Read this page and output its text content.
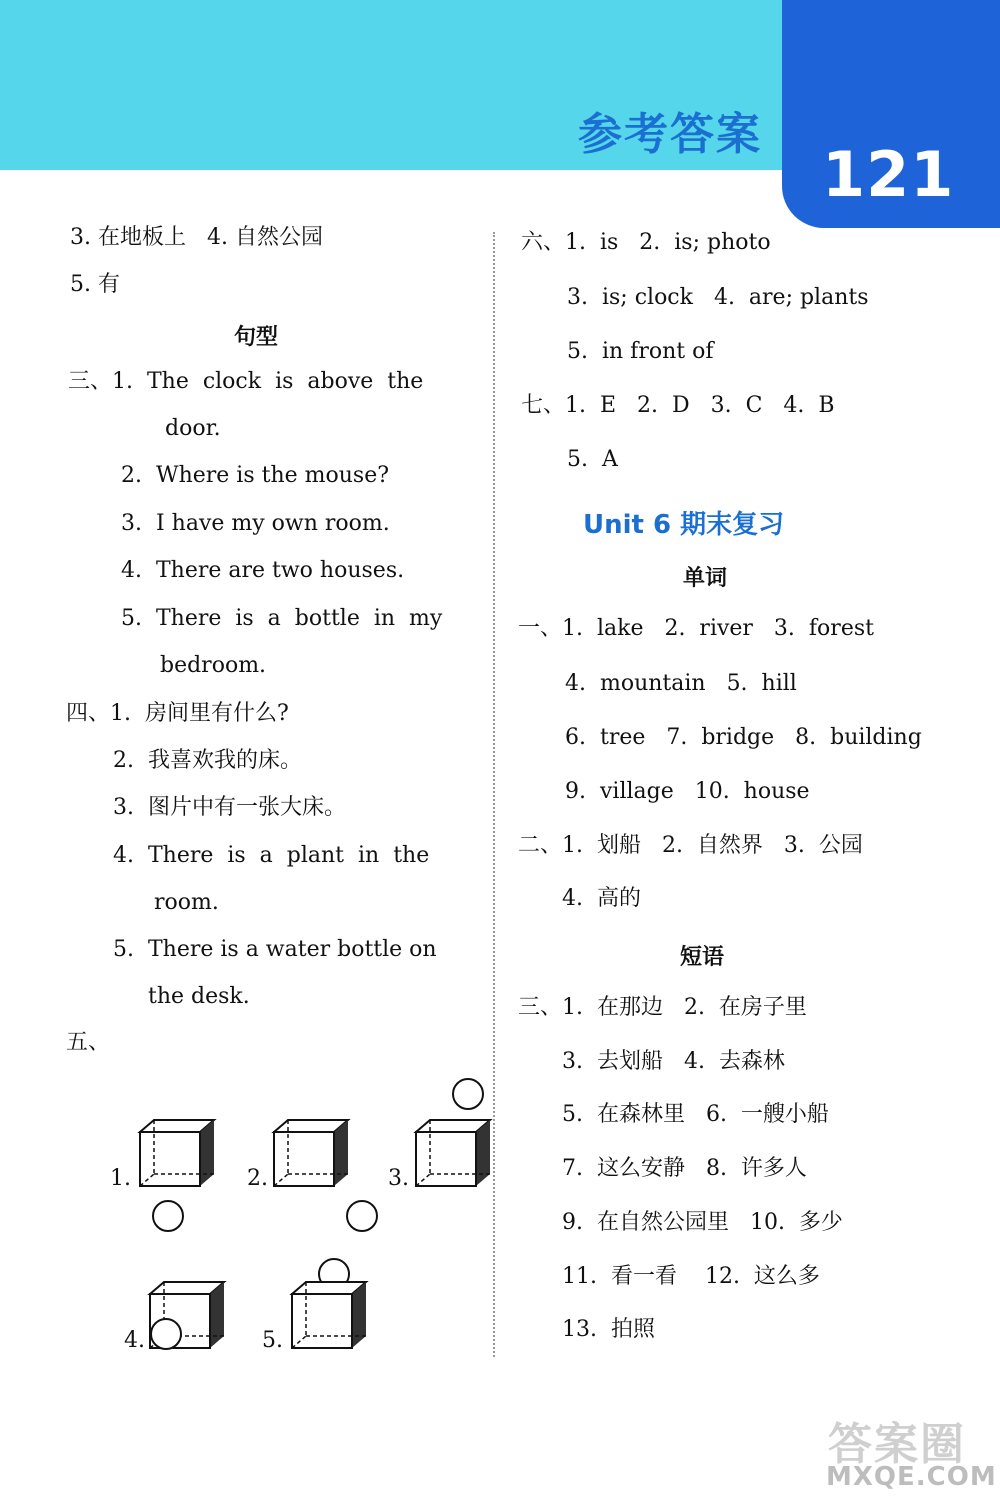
参考答案
121
3. 在地板上   4. 自然公园
5. 有
句型
三、1.  The  clock  is  above  the
door.
2.  Where is the mouse?
3.  I have my own room.
4.  There are two houses.
5.  There  is  a  bottle  in  my
bedroom.
四、1.  房间里有什么?
2.  我喜欢我的床。
3.  图片中有一张大床。
4.  There  is  a  plant  in  the
room.
5.  There is a water bottle on
the desk.
五、
1.	2.	3.
4.	5.
六、1.  is   2.  is; photo
3.  is; clock   4.  are; plants
5.  in front of
七、1.  E   2.  D   3.  C   4.  B
5.  A
Unit 6 期末复习
单词
一、1.  lake   2.  river   3.  forest
4.  mountain   5.  hill
6.  tree   7.  bridge   8.  building
9.  village   10.  house
二、1.  划船   2.  自然界   3.  公园
4.  高的
短语
三、1.  在那边   2.  在房子里
3.  去划船   4.  去森林
5.  在森林里   6.  一艘小船
7.  这么安静   8.  许多人
9.  在自然公园里   10.  多少
11.  看一看    12.  这么多
13.  拍照
答案圈
MXQE.COM
